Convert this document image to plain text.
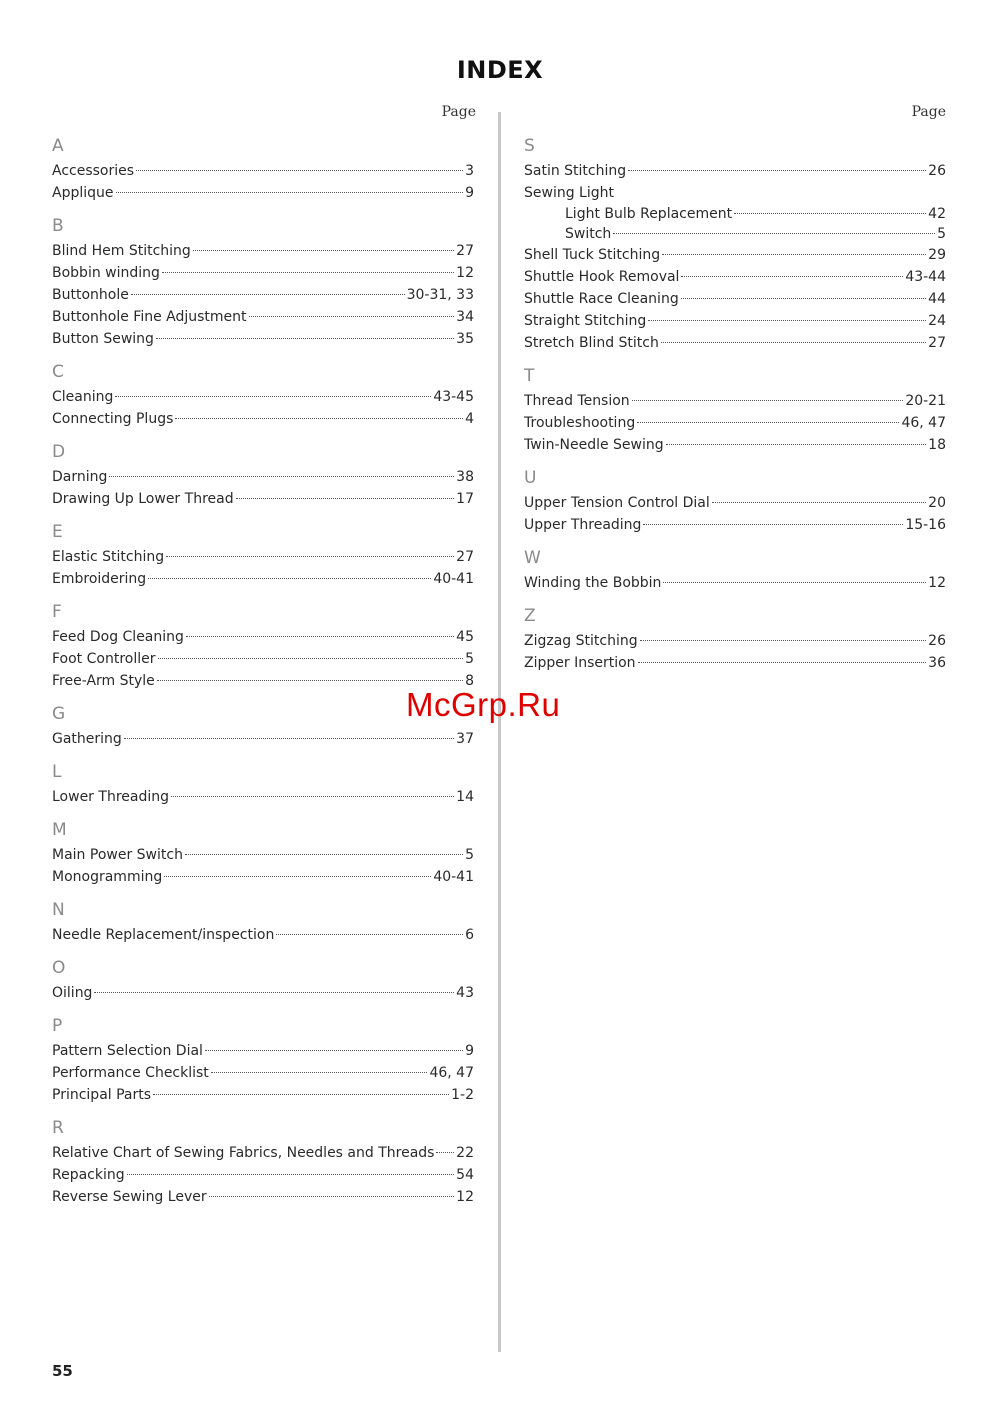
INDEX
Page
A
Accessories	3
Applique	9
B
Blind Hem Stitching	27
Bobbin winding	12
Buttonhole	30-31, 33
Buttonhole Fine Adjustment	34
Button Sewing	35
C
Cleaning	43-45
Connecting Plugs	4
D
Darning	38
Drawing Up Lower Thread	17
E
Elastic Stitching	27
Embroidering	40-41
F
Feed Dog Cleaning	45
Foot Controller	5
Free-Arm Style	8
G
Gathering	37
L
Lower Threading	14
M
Main Power Switch	5
Monogramming	40-41
N
Needle Replacement/inspection	6
O
Oiling	43
P
Pattern Selection Dial	9
Performance Checklist	46, 47
Principal Parts	1-2
R
Relative Chart of Sewing Fabrics, Needles and Threads 22
Repacking	54
Reverse Sewing Lever	12
Page
S
Satin Stitching	26
Sewing Light
Light Bulb Replacement	42
Switch	5
Shell Tuck Stitching	29
Shuttle Hook Removal	43-44
Shuttle Race Cleaning	44
Straight Stitching	24
Stretch Blind Stitch	27
T
Thread Tension	20-21
Troubleshooting	46, 47
Twin-Needle Sewing	18
U
Upper Tension Control Dial	20
Upper Threading	15-16
W
Winding the Bobbin	12
Z
Zigzag Stitching	26
Zipper Insertion	36
McGrp.Ru
55
